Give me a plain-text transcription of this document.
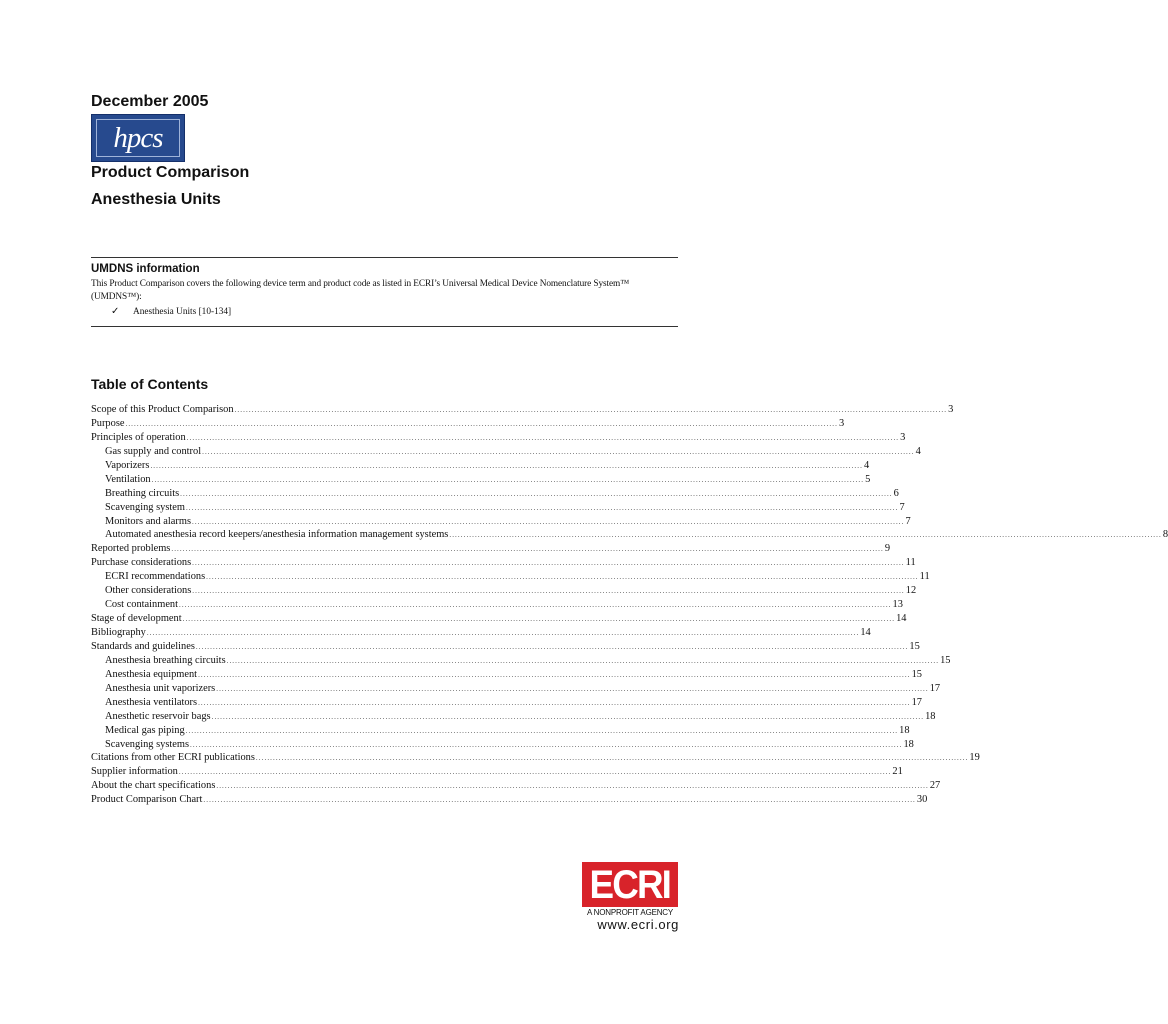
December 2005
hpcs
Product Comparison
Anesthesia Units
UMDNS information
This Product Comparison covers the following device term and product code as listed in ECRI’s Universal Medical Device Nomenclature System™ (UMDNS™):
✓	Anesthesia Units [10-134]
Table of Contents
Scope of this Product Comparison .......................................................................................................................................................................................................................................................... 3
Purpose .......................................................................................................................................................................................................................................................... 3
Principles of operation .......................................................................................................................................................................................................................................................... 3
Gas supply and control .......................................................................................................................................................................................................................................................... 4
Vaporizers .......................................................................................................................................................................................................................................................... 4
Ventilation .......................................................................................................................................................................................................................................................... 5
Breathing circuits .......................................................................................................................................................................................................................................................... 6
Scavenging system .......................................................................................................................................................................................................................................................... 7
Monitors and alarms .......................................................................................................................................................................................................................................................... 7
Automated anesthesia record keepers/anesthesia information management systems .......................................................................................................................................................................................................................................................... 8
Reported problems .......................................................................................................................................................................................................................................................... 9
Purchase considerations .......................................................................................................................................................................................................................................................... 11
ECRI recommendations .......................................................................................................................................................................................................................................................... 11
Other considerations .......................................................................................................................................................................................................................................................... 12
Cost containment .......................................................................................................................................................................................................................................................... 13
Stage of development .......................................................................................................................................................................................................................................................... 14
Bibliography .......................................................................................................................................................................................................................................................... 14
Standards and guidelines .......................................................................................................................................................................................................................................................... 15
Anesthesia breathing circuits .......................................................................................................................................................................................................................................................... 15
Anesthesia equipment .......................................................................................................................................................................................................................................................... 15
Anesthesia unit vaporizers .......................................................................................................................................................................................................................................................... 17
Anesthesia ventilators .......................................................................................................................................................................................................................................................... 17
Anesthetic reservoir bags .......................................................................................................................................................................................................................................................... 18
Medical gas piping .......................................................................................................................................................................................................................................................... 18
Scavenging systems .......................................................................................................................................................................................................................................................... 18
Citations from other ECRI publications .......................................................................................................................................................................................................................................................... 19
Supplier information .......................................................................................................................................................................................................................................................... 21
About the chart specifications .......................................................................................................................................................................................................................................................... 27
Product Comparison Chart .......................................................................................................................................................................................................................................................... 30
ECRI
A NONPROFIT AGENCY
www.ecri.org
